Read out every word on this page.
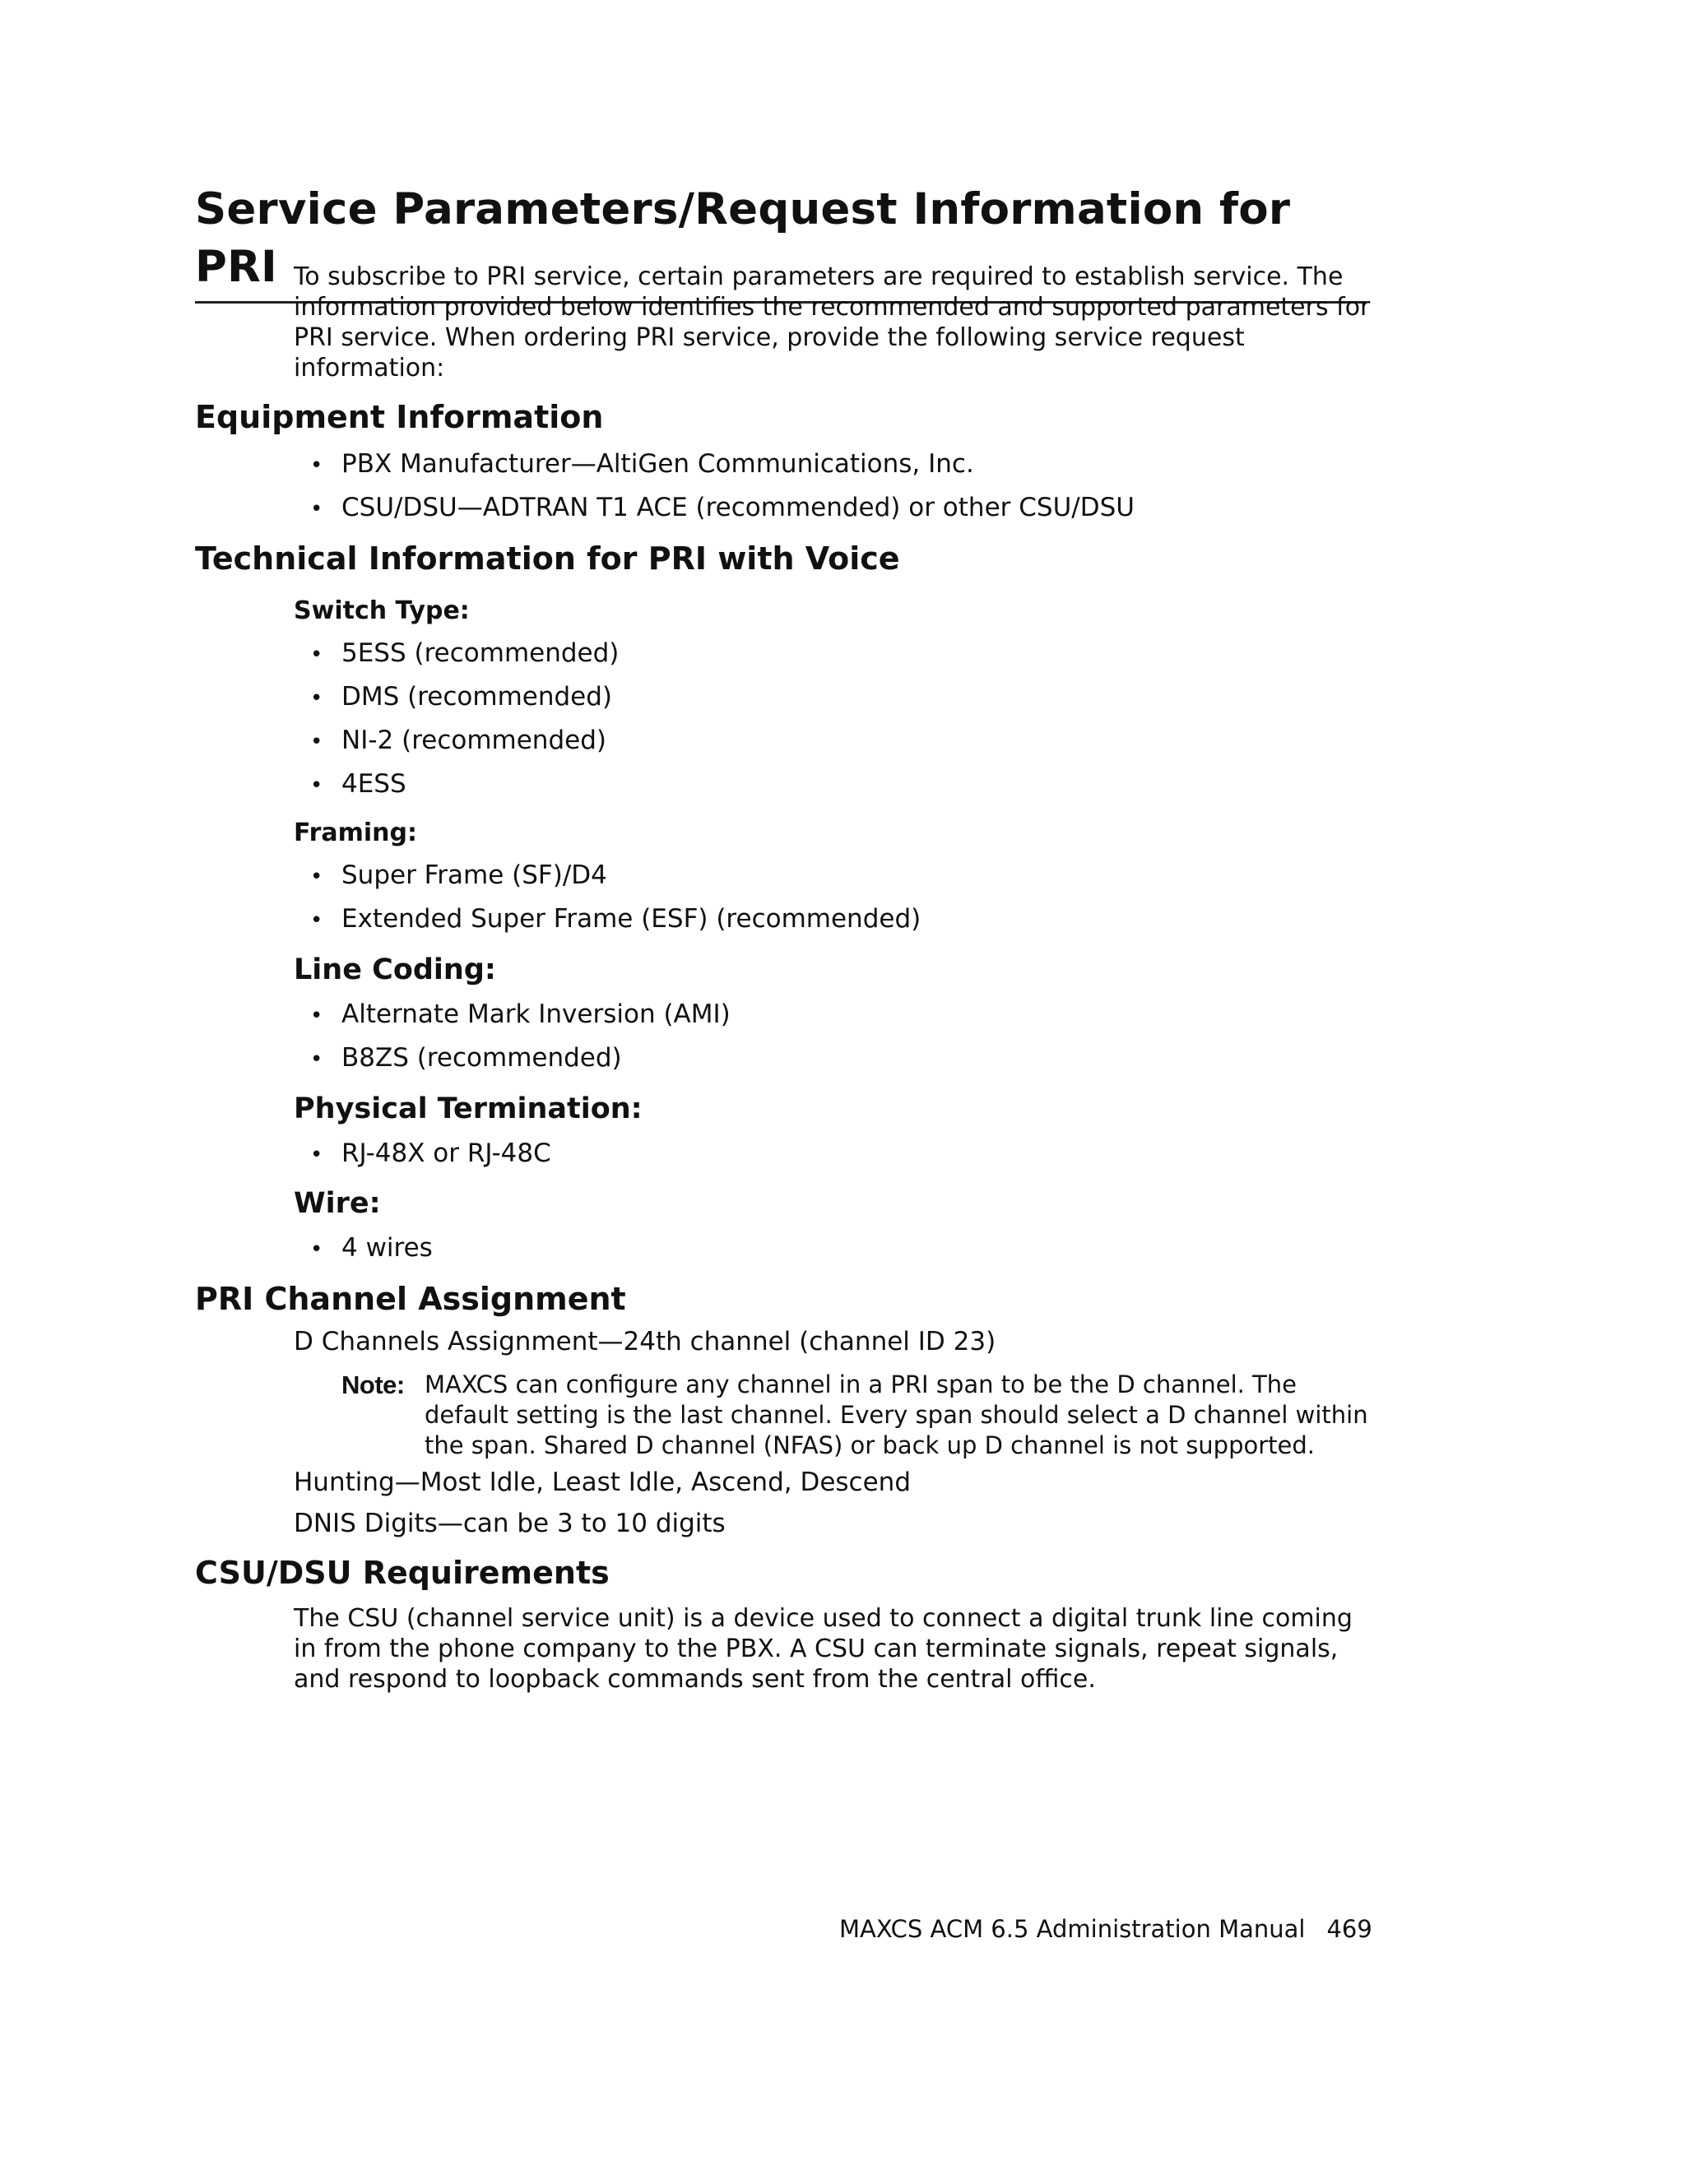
Service Parameters/Request Information for PRI To subscribe to PRI service, certain parameters are required to establish service. The information provided below identifies the recommended and supported parameters for PRI service. When ordering PRI service, provide the following service request information:

Equipment Information

• PBX Manufacturer—AltiGen Communications, Inc.

• CSU/DSU—ADTRAN T1 ACE (recommended) or other CSU/DSU

Technical Information for PRI with Voice

Switch Type:

• 5ESS (recommended)

• DMS (recommended)

• NI-2 (recommended)

• 4ESS

Framing:

• Super Frame (SF)/D4

• Extended Super Frame (ESF) (recommended)

Line Coding:

• Alternate Mark Inversion (AMI)

• B8ZS (recommended)

Physical Termination:

• RJ-48X or RJ-48C

Wire:

• 4 wires

PRI Channel Assignment

D Channels Assignment—24th channel (channel ID 23)

Note: MAXCS can configure any channel in a PRI span to be the D channel. The default setting is the last channel. Every span should select a D channel within the span. Shared D channel (NFAS) or back up D channel is not supported.

Hunting—Most Idle, Least Idle, Ascend, Descend

DNIS Digits—can be 3 to 10 digits

CSU/DSU Requirements

The CSU (channel service unit) is a device used to connect a digital trunk line coming in from the phone company to the PBX. A CSU can terminate signals, repeat signals, and respond to loopback commands sent from the central office.

MAXCS ACM 6.5 Administration Manual 469
